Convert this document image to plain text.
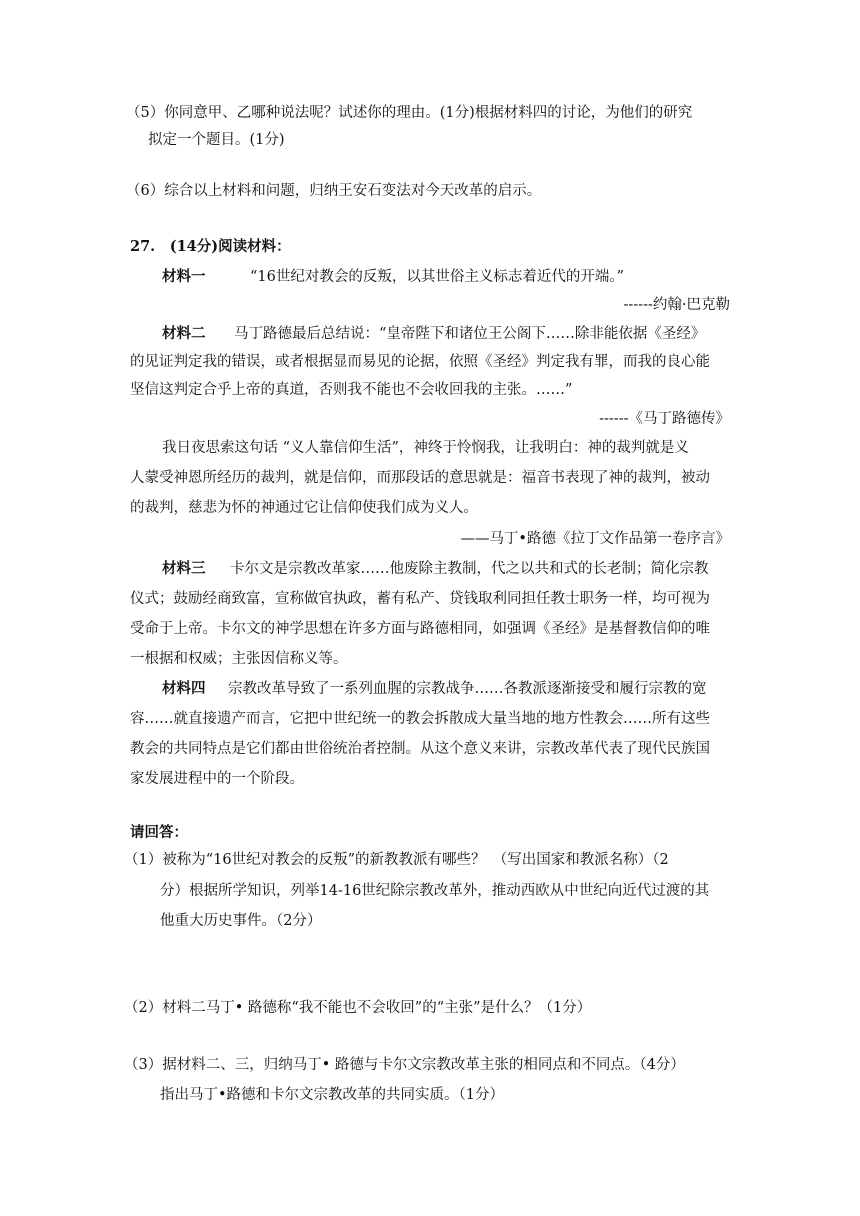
（5）你同意甲、乙哪种说法呢？试述你的理由。(1分)根据材料四的讨论，为他们的研究
拟定一个题目。(1分)
（6）综合以上材料和问题，归纳王安石变法对今天改革的启示。
27.　(14分)阅读材料：
材料一	“16世纪对教会的反叛，以其世俗主义标志着近代的开端。”
------约翰·巴克勒
材料二 马丁路德最后总结说：“皇帝陛下和诸位王公阁下……除非能依据《圣经》
的见证判定我的错误，或者根据显而易见的论据，依照《圣经》判定我有罪，而我的良心能
坚信这判定合乎上帝的真道，否则我不能也不会收回我的主张。……”
------《马丁路德传》
我日夜思索这句话 “义人靠信仰生活”，神终于怜悯我，让我明白：神的裁判就是义
人蒙受神恩所经历的裁判，就是信仰，而那段话的意思就是：福音书表现了神的裁判，被动
的裁判，慈悲为怀的神通过它让信仰使我们成为义人。
——马丁•路德《拉丁文作品第一卷序言》
材料三 卡尔文是宗教改革家……他废除主教制，代之以共和式的长老制；简化宗教
仪式；鼓励经商致富，宣称做官执政，蓄有私产、贷钱取利同担任教士职务一样，均可视为
受命于上帝。卡尔文的神学思想在许多方面与路德相同，如强调《圣经》是基督教信仰的唯
一根据和权威；主张因信称义等。
材料四 宗教改革导致了一系列血腥的宗教战争……各教派逐渐接受和履行宗教的宽
容……就直接遗产而言，它把中世纪统一的教会拆散成大量当地的地方性教会……所有这些
教会的共同特点是它们都由世俗统治者控制。从这个意义来讲，宗教改革代表了现代民族国
家发展进程中的一个阶段。
请回答：
（1）被称为“16世纪对教会的反叛”的新教教派有哪些？　（写出国家和教派名称）（2
分）根据所学知识，列举14-16世纪除宗教改革外，推动西欧从中世纪向近代过渡的其
他重大历史事件。（2分）
（2）材料二马丁• 路德称“我不能也不会收回”的“主张”是什么？（1分）
（3）据材料二、三，归纳马丁• 路德与卡尔文宗教改革主张的相同点和不同点。（4分）
指出马丁•路德和卡尔文宗教改革的共同实质。（1分）
